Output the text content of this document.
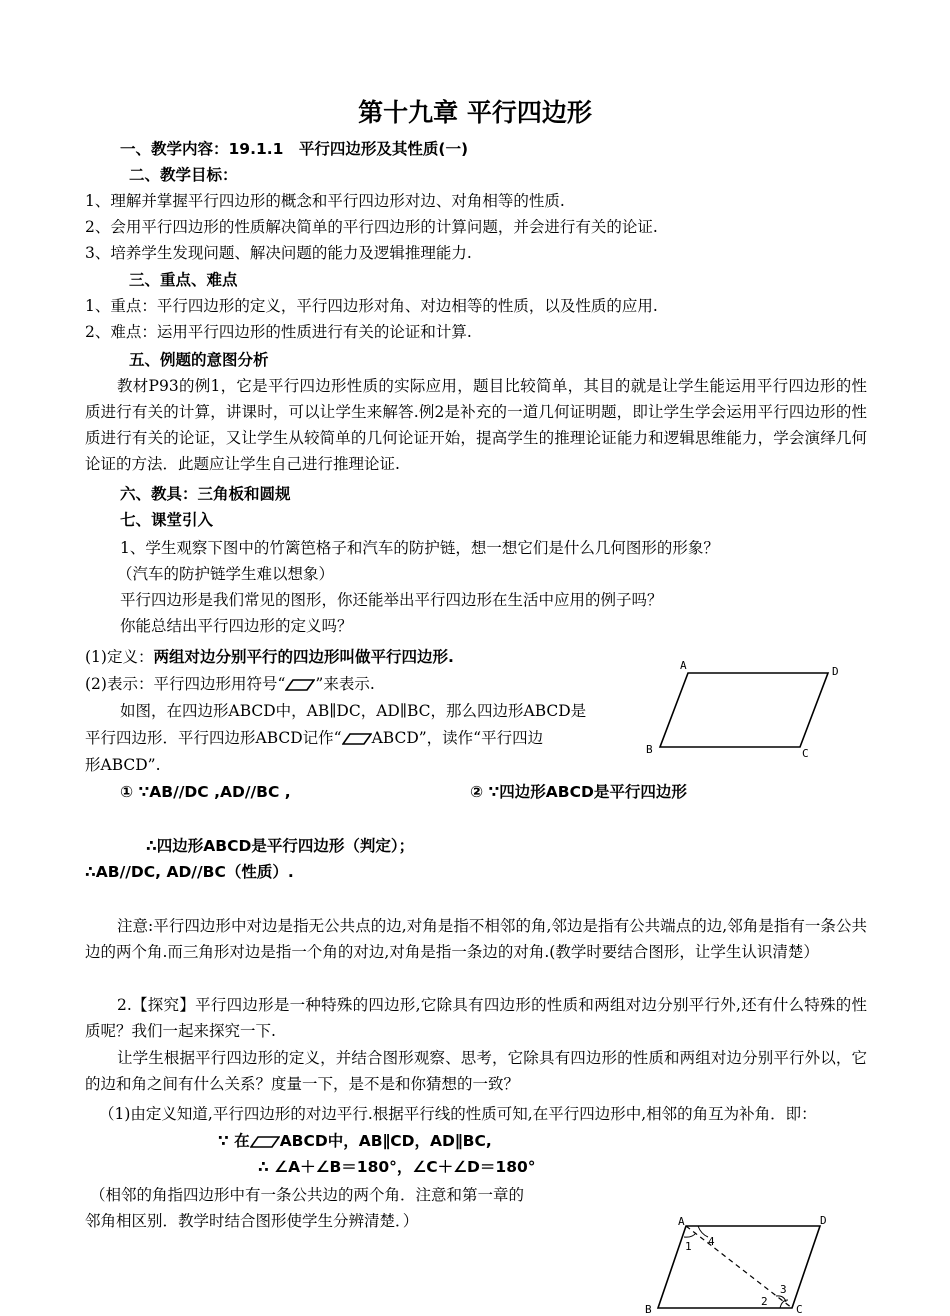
第十九章 平行四边形
一、教学内容：19.1.1　平行四边形及其性质(一)
二、教学目标：
1、理解并掌握平行四边形的概念和平行四边形对边、对角相等的性质.
2、会用平行四边形的性质解决简单的平行四边形的计算问题，并会进行有关的论证.
3、培养学生发现问题、解决问题的能力及逻辑推理能力.
三、重点、难点
1、重点：平行四边形的定义，平行四边形对角、对边相等的性质，以及性质的应用.
2、难点：运用平行四边形的性质进行有关的论证和计算.
五、例题的意图分析
教材P93的例1，它是平行四边形性质的实际应用，题目比较简单，其目的就是让学生能运用平行四边形的性质进行有关的计算，讲课时，可以让学生来解答.例2是补充的一道几何证明题，即让学生学会运用平行四边形的性质进行有关的论证，又让学生从较简单的几何论证开始，提高学生的推理论证能力和逻辑思维能力，学会演绎几何论证的方法．此题应让学生自己进行推理论证.
六、教具：三角板和圆规
七、课堂引入
1、学生观察下图中的竹篱笆格子和汽车的防护链，想一想它们是什么几何图形的形象？
（汽车的防护链学生难以想象）
平行四边形是我们常见的图形，你还能举出平行四边形在生活中应用的例子吗？
你能总结出平行四边形的定义吗？
(1)定义：两组对边分别平行的四边形叫做平行四边形.
(2)表示：平行四边形用符号“ ”来表示.
如图，在四边形ABCD中，AB∥DC，AD∥BC，那么四边形ABCD是
平行四边形．平行四边形ABCD记作“ ABCD”，读作“平行四边
形ABCD”.
A	D
B	C
① ∵AB//DC ,AD//BC ,	② ∵四边形ABCD是平行四边形
∴四边形ABCD是平行四边形（判定）；
∴AB//DC, AD//BC（性质）.
注意:平行四边形中对边是指无公共点的边,对角是指不相邻的角,邻边是指有公共端点的边,邻角是指有一条公共边的两个角.而三角形对边是指一个角的对边,对角是指一条边的对角.(教学时要结合图形，让学生认识清楚）
2.【探究】平行四边形是一种特殊的四边形,它除具有四边形的性质和两组对边分别平行外,还有什么特殊的性质呢？我们一起来探究一下.
让学生根据平行四边形的定义，并结合图形观察、思考，它除具有四边形的性质和两组对边分别平行外以，它的边和角之间有什么关系？度量一下，是不是和你猜想的一致？
（1)由定义知道,平行四边形的对边平行.根据平行线的性质可知,在平行四边形中,相邻的角互为补角．即：
∵ 在 ABCD中，AB∥CD，AD∥BC,
∴ ∠A＋∠B＝180°，∠C＋∠D＝180°
（相邻的角指四边形中有一条公共边的两个角．注意和第一章的
邻角相区别．教学时结合图形使学生分辨清楚．）	A	D
B	C
1 4
3
2
